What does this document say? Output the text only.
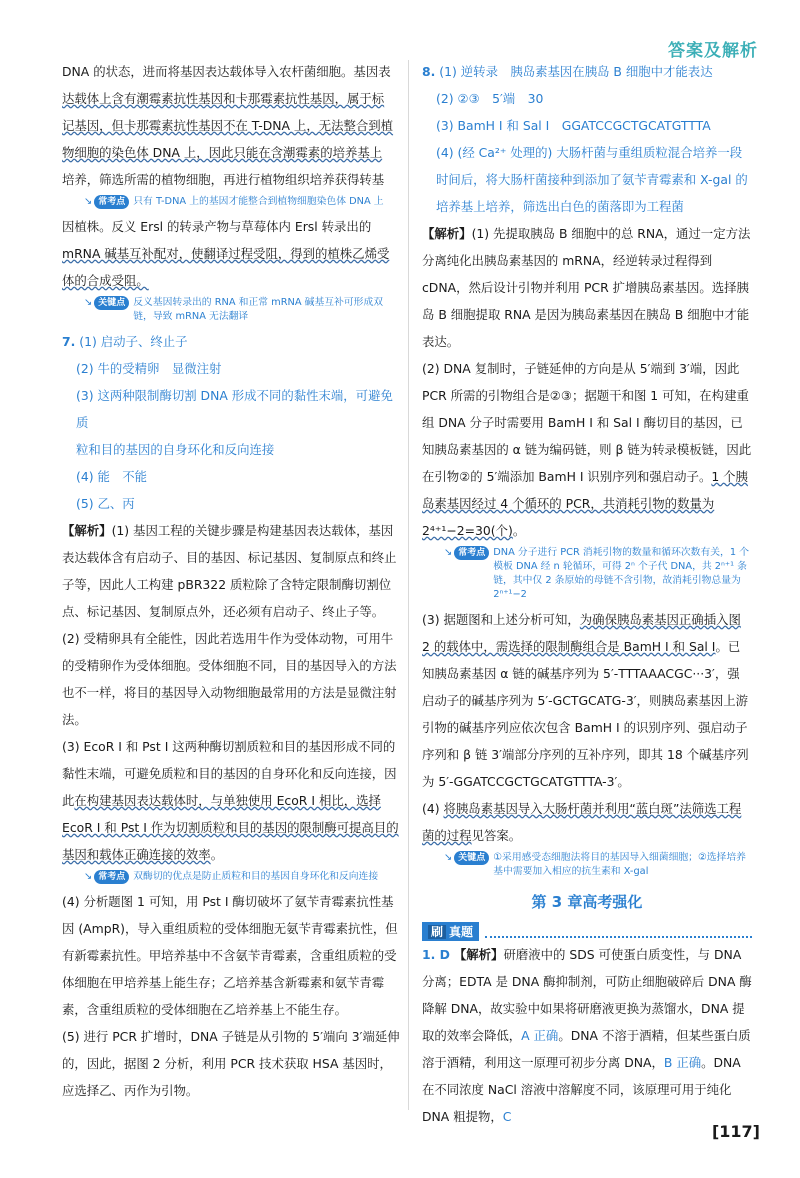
答案及解析

DNA 的状态，进而将基因表达载体导入农杆菌细胞。基因表

达载体上含有潮霉素抗性基因和卡那霉素抗性基因，属于标

记基因，但卡那霉素抗性基因不在 T-DNA 上，无法整合到植

物细胞的染色体 DNA 上，因此只能在含潮霉素的培养基上

培养，筛选所需的植物细胞，再进行植物组织培养获得转基

↘ 常考点 只有 T-DNA 上的基因才能整合到植物细胞染色体 DNA 上

因植株。反义 Ersl 的转录产物与草莓体内 Ersl 转录出的

mRNA 碱基互补配对，使翻译过程受阻，得到的植株乙烯受

体的合成受阻。

↘ 关键点 反义基因转录出的 RNA 和正常 mRNA 碱基互补可形成双链，导致 mRNA 无法翻译

7. (1) 启动子、终止子

(2) 牛的受精卵　显微注射

(3) 这两种限制酶切割 DNA 形成不同的黏性末端，可避免质

粒和目的基因的自身环化和反向连接

(4) 能　不能

(5) 乙、丙

【解析】(1) 基因工程的关键步骤是构建基因表达载体，基因表达载体含有启动子、目的基因、标记基因、复制原点和终止子等，因此人工构建 pBR322 质粒除了含特定限制酶切割位点、标记基因、复制原点外，还必须有启动子、终止子等。

(2) 受精卵具有全能性，因此若选用牛作为受体动物，可用牛的受精卵作为受体细胞。受体细胞不同，目的基因导入的方法也不一样，将目的基因导入动物细胞最常用的方法是显微注射法。

(3) EcoR Ⅰ 和 Pst Ⅰ 这两种酶切割质粒和目的基因形成不同的黏性末端，可避免质粒和目的基因的自身环化和反向连接，因此在构建基因表达载体时，与单独使用 EcoR Ⅰ 相比，选择 EcoR Ⅰ 和 Pst Ⅰ 作为切割质粒和目的基因的限制酶可提高目的基因和载体正确连接的效率。

↘ 常考点 双酶切的优点是防止质粒和目的基因自身环化和反向连接

(4) 分析题图 1 可知，用 Pst Ⅰ 酶切破坏了氨苄青霉素抗性基因 (AmpR)，导入重组质粒的受体细胞无氨苄青霉素抗性，但有新霉素抗性。甲培养基中不含氨苄青霉素，含重组质粒的受体细胞在甲培养基上能生存；乙培养基含新霉素和氨苄青霉素，含重组质粒的受体细胞在乙培养基上不能生存。

(5) 进行 PCR 扩增时，DNA 子链是从引物的 5′端向 3′端延伸的，因此，据图 2 分析，利用 PCR 技术获取 HSA 基因时，应选择乙、丙作为引物。

8. (1) 逆转录　胰岛素基因在胰岛 B 细胞中才能表达

(2) ②③　5′端　30

(3) BamH Ⅰ 和 Sal Ⅰ　GGATCCGCTGCATGTTTA

(4) (经 Ca²⁺ 处理的) 大肠杆菌与重组质粒混合培养一段时间后，将大肠杆菌接种到添加了氨苄青霉素和 X-gal 的培养基上培养，筛选出白色的菌落即为工程菌

【解析】(1) 先提取胰岛 B 细胞中的总 RNA，通过一定方法分离纯化出胰岛素基因的 mRNA，经逆转录过程得到 cDNA，然后设计引物并利用 PCR 扩增胰岛素基因。选择胰岛 B 细胞提取 RNA 是因为胰岛素基因在胰岛 B 细胞中才能表达。

(2) DNA 复制时，子链延伸的方向是从 5′端到 3′端，因此 PCR 所需的引物组合是②③；据题干和图 1 可知，在构建重组 DNA 分子时需要用 BamH Ⅰ 和 Sal Ⅰ 酶切目的基因，已知胰岛素基因的 α 链为编码链，则 β 链为转录模板链，因此在引物②的 5′端添加 BamH Ⅰ 识别序列和强启动子。1 个胰岛素基因经过 4 个循环的 PCR，共消耗引物的数量为 2⁴⁺¹−2=30(个)。

↘ 常考点 DNA 分子进行 PCR 消耗引物的数量和循环次数有关，1 个模板 DNA 经 n 轮循环，可得 2ⁿ 个子代 DNA，共 2ⁿ⁺¹ 条链，其中仅 2 条原始的母链不含引物，故消耗引物总量为 2ⁿ⁺¹−2

(3) 据题图和上述分析可知，为确保胰岛素基因正确插入图 2 的载体中，需选择的限制酶组合是 BamH Ⅰ 和 Sal Ⅰ。已知胰岛素基因 α 链的碱基序列为 5′-TTTAAACGC···3′，强启动子的碱基序列为 5′-GCTGCATG-3′，则胰岛素基因上游引物的碱基序列应依次包含 BamH Ⅰ 的识别序列、强启动子序列和 β 链 3′端部分序列的互补序列，即其 18 个碱基序列为 5′-GGATCCGCTGCATGTTTA-3′。

(4) 将胰岛素基因导入大肠杆菌并利用“蓝白斑”法筛选工程菌的过程见答案。

↘ 关键点 ①采用感受态细胞法将目的基因导入细菌细胞；②选择培养基中需要加入相应的抗生素和 X-gal
第 3 章高考强化
刷 真题

1. D 【解析】研磨液中的 SDS 可使蛋白质变性，与 DNA 分离；EDTA 是 DNA 酶抑制剂，可防止细胞破碎后 DNA 酶降解 DNA，故实验中如果将研磨液更换为蒸馏水，DNA 提取的效率会降低，A 正确。DNA 不溶于酒精，但某些蛋白质溶于酒精，利用这一原理可初步分离 DNA，B 正确。DNA 在不同浓度 NaCl 溶液中溶解度不同，该原理可用于纯化 DNA 粗提物，C

[117]
